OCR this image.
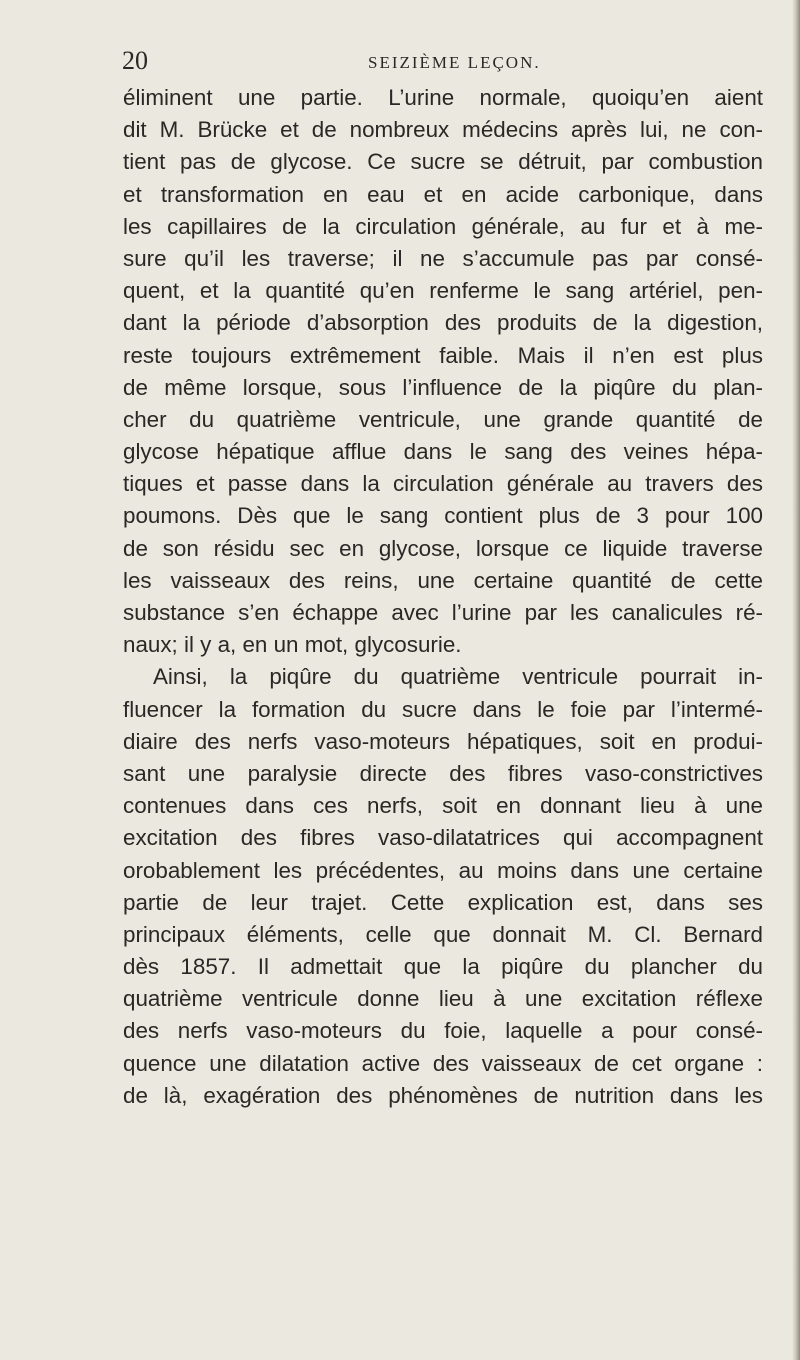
20	SEIZIÈME LEÇON.
éliminent une partie. L’urine normale, quoiqu’en aient
dit M. Brücke et de nombreux médecins après lui, ne con-
tient pas de glycose. Ce sucre se détruit, par combustion
et transformation en eau et en acide carbonique, dans
les capillaires de la circulation générale, au fur et à me-
sure qu’il les traverse; il ne s’accumule pas par consé-
quent, et la quantité qu’en renferme le sang artériel, pen-
dant la période d’absorption des produits de la digestion,
reste toujours extrêmement faible. Mais il n’en est plus
de même lorsque, sous l’influence de la piqûre du plan-
cher du quatrième ventricule, une grande quantité de
glycose hépatique afflue dans le sang des veines hépa-
tiques et passe dans la circulation générale au travers des
poumons. Dès que le sang contient plus de 3 pour 100
de son résidu sec en glycose, lorsque ce liquide traverse
les vaisseaux des reins, une certaine quantité de cette
substance s’en échappe avec l’urine par les canalicules ré-
naux; il y a, en un mot, glycosurie.
Ainsi, la piqûre du quatrième ventricule pourrait in-
fluencer la formation du sucre dans le foie par l’intermé-
diaire des nerfs vaso-moteurs hépatiques, soit en produi-
sant une paralysie directe des fibres vaso-constrictives
contenues dans ces nerfs, soit en donnant lieu à une
excitation des fibres vaso-dilatatrices qui accompagnent
orobablement les précédentes, au moins dans une certaine
partie de leur trajet. Cette explication est, dans ses
principaux éléments, celle que donnait M. Cl. Bernard
dès 1857. Il admettait que la piqûre du plancher du
quatrième ventricule donne lieu à une excitation réflexe
des nerfs vaso-moteurs du foie, laquelle a pour consé-
quence une dilatation active des vaisseaux de cet organe :
de là, exagération des phénomènes de nutrition dans les
